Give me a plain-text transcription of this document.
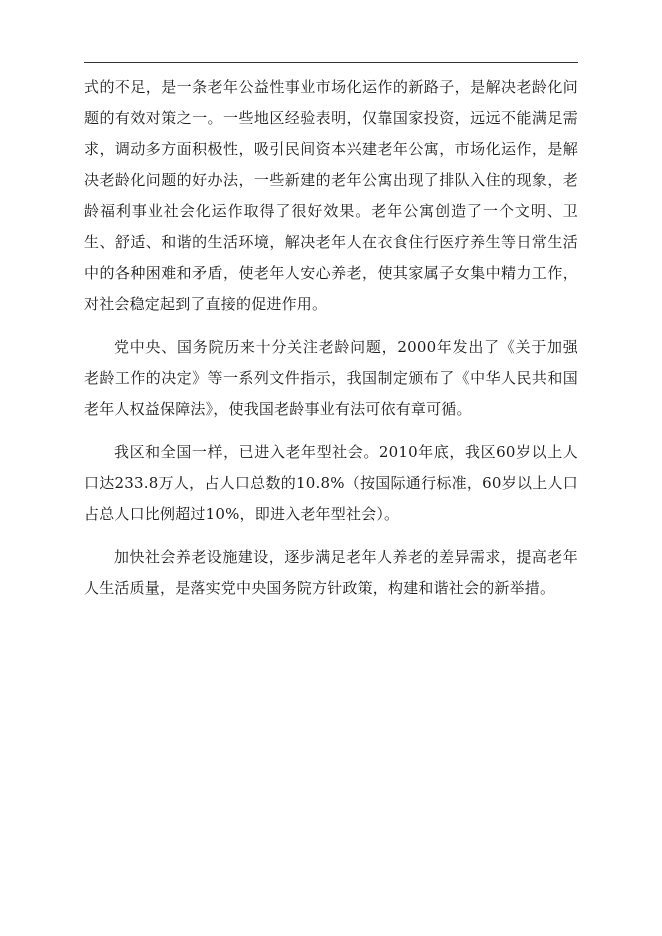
式的不足，是一条老年公益性事业市场化运作的新路子，是解决老龄化问题的有效对策之一。一些地区经验表明，仅靠国家投资，远远不能满足需求，调动多方面积极性，吸引民间资本兴建老年公寓，市场化运作，是解决老龄化问题的好办法，一些新建的老年公寓出现了排队入住的现象，老龄福利事业社会化运作取得了很好效果。老年公寓创造了一个文明、卫生、舒适、和谐的生活环境，解决老年人在衣食住行医疗养生等日常生活中的各种困难和矛盾，使老年人安心养老，使其家属子女集中精力工作，对社会稳定起到了直接的促进作用。

党中央、国务院历来十分关注老龄问题，2000年发出了《关于加强老龄工作的决定》等一系列文件指示，我国制定颁布了《中华人民共和国老年人权益保障法》，使我国老龄事业有法可依有章可循。

我区和全国一样，已进入老年型社会。2010年底，我区60岁以上人口达233.8万人，占人口总数的10.8%（按国际通行标准，60岁以上人口占总人口比例超过10%，即进入老年型社会）。

加快社会养老设施建设，逐步满足老年人养老的差异需求，提高老年人生活质量，是落实党中央国务院方针政策，构建和谐社会的新举措。
